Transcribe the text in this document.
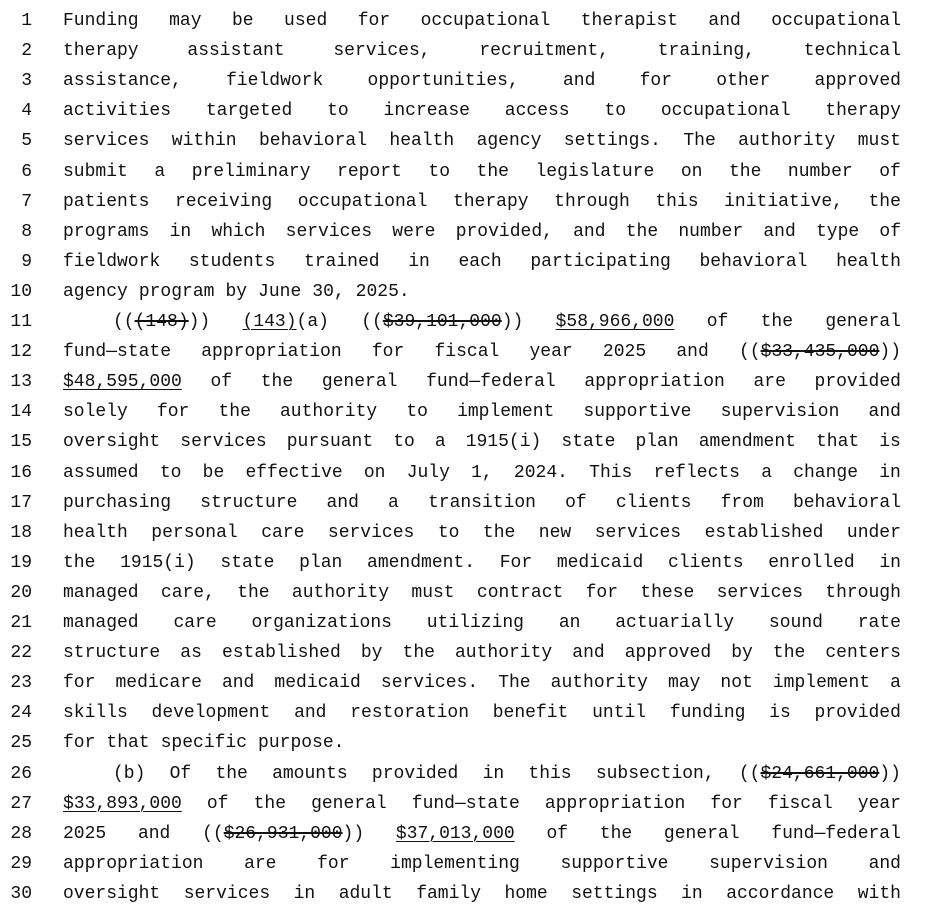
1 Funding may be used for occupational therapist and occupational
2 therapy	assistant	services,	recruitment,	training,	technical
3 assistance, fieldwork opportunities, and for other approved
4 activities targeted to increase access to occupational therapy
5 services within behavioral health agency settings. The authority must
6 submit a preliminary report to the legislature on the number of
7 patients receiving occupational therapy through this initiative, the
8 programs in which services were provided, and the number and type of
9 fieldwork students trained in each participating behavioral health
10 agency program by June 30, 2025.
11	(((148))) (143)(a) (($39,101,000)) $58,966,000 of the general
12 fund—state appropriation for fiscal year 2025 and (($33,435,000))
13 $48,595,000 of the general fund—federal appropriation are provided
14 solely for the authority to implement supportive supervision and
15 oversight services pursuant to a 1915(i) state plan amendment that is
16 assumed to be effective on July 1, 2024. This reflects a change in
17 purchasing structure and a transition of clients from behavioral
18 health personal care services to the new services established under
19 the 1915(i) state plan amendment. For medicaid clients enrolled in
20 managed care, the authority must contract for these services through
21 managed care organizations utilizing an actuarially sound rate
22 structure as established by the authority and approved by the centers
23 for medicare and medicaid services. The authority may not implement a
24 skills development and restoration benefit until funding is provided
25 for that specific purpose.
26	(b) Of the amounts provided in this subsection, (($24,661,000))
27 $33,893,000 of the general fund—state appropriation for fiscal year
28 2025 and (($26,931,000)) $37,013,000 of the general fund—federal
29 appropriation are for implementing supportive supervision and
30 oversight services in adult family home settings in accordance with
